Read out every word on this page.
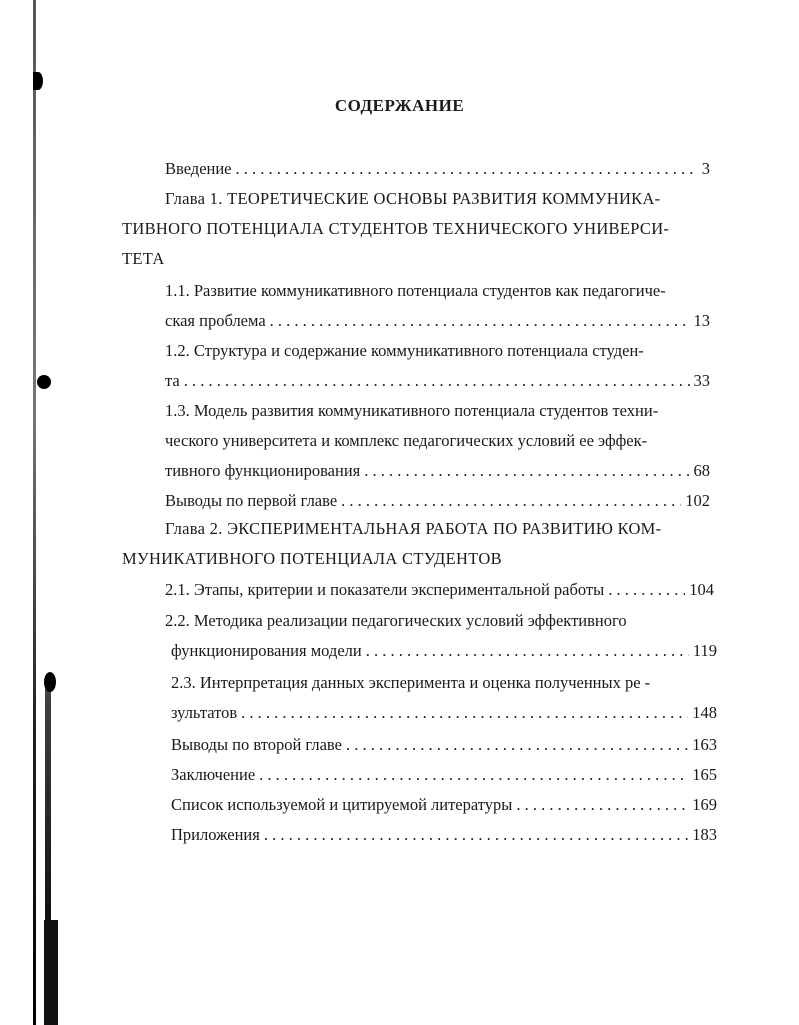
СОДЕРЖАНИЕ
Введение . . .	3
Глава 1. ТЕОРЕТИЧЕСКИЕ ОСНОВЫ РАЗВИТИЯ КОММУНИКА-
ТИВНОГО ПОТЕНЦИАЛА СТУДЕНТОВ ТЕХНИЧЕСКОГО УНИВЕРСИ-
ТЕТА
1.1. Развитие коммуникативного потенциала студентов как педагогиче-
ская проблема . . .	13
1.2. Структура и содержание коммуникативного потенциала студен-
та . . .	33
1.3. Модель развития коммуникативного потенциала студентов техни-
ческого университета и комплекс педагогических условий ее эффек-
тивного функционирования . . .	68
Выводы по первой главе . . .	102
Глава 2. ЭКСПЕРИМЕНТАЛЬНАЯ РАБОТА ПО РАЗВИТИЮ КОМ-
МУНИКАТИВНОГО ПОТЕНЦИАЛА СТУДЕНТОВ
2.1. Этапы, критерии и показатели экспериментальной работы . . .	104
2.2. Методика реализации педагогических условий эффективного
функционирования модели . . .	119
2.3. Интерпретация данных эксперимента и оценка полученных ре -
зультатов . . .	148
Выводы по второй главе . . .	163
Заключение . . .	165
Список используемой и цитируемой литературы . . .	169
Приложения . . .	183
